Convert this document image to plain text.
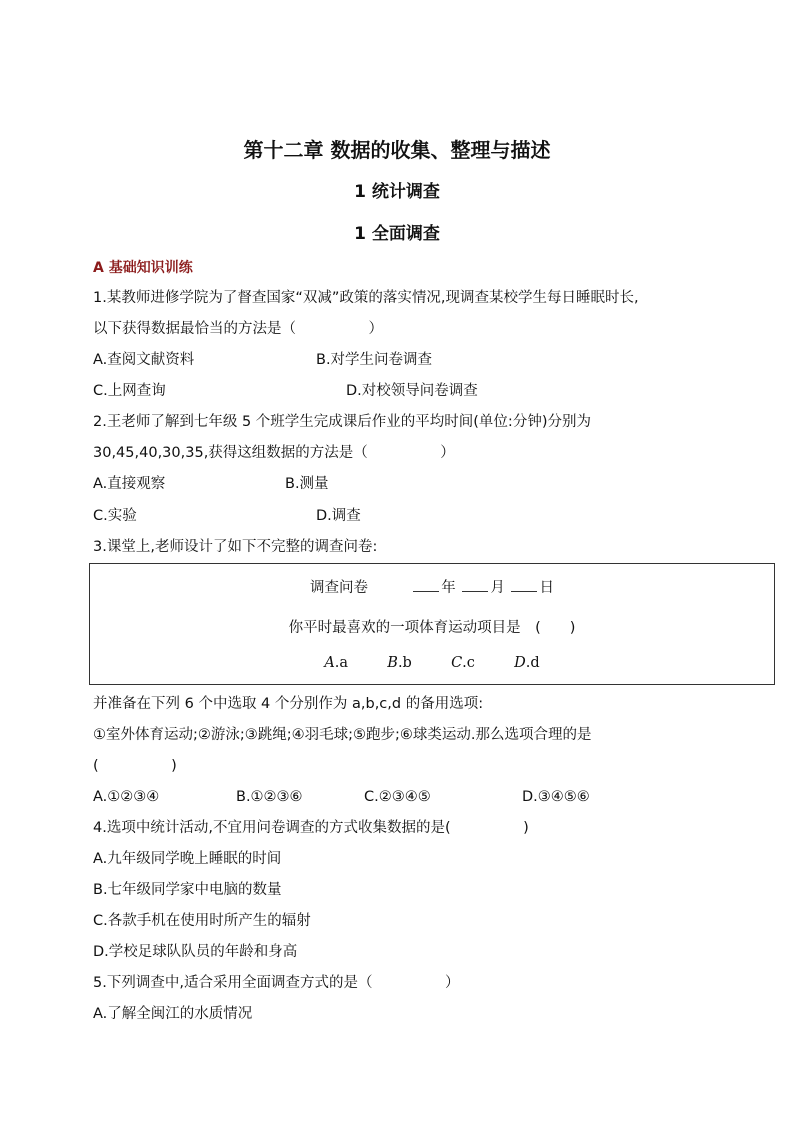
第十二章 数据的收集、整理与描述
1 统计调查
1 全面调查
A 基础知识训练
1.某教师进修学院为了督查国家“双减”政策的落实情况,现调查某校学生每日睡眠时长,
以下获得数据最恰当的方法是（　　　　　）
A.查阅文献资料	B.对学生问卷调查
C.上网查询	D.对校领导问卷调查
2.王老师了解到七年级 5 个班学生完成课后作业的平均时间(单位:分钟)分别为
30,45,40,30,35,获得这组数据的方法是（　　　　　）
A.直接观察	B.测量
C.实验	D.调查
3.课堂上,老师设计了如下不完整的调查问卷:
调查问卷	年 月 日
你平时最喜欢的一项体育运动项目是　(　　)
A.a	B.b	C.c	D.d
并准备在下列 6 个中选取 4 个分别作为 a,b,c,d 的备用选项:
①室外体育运动;②游泳;③跳绳;④羽毛球;⑤跑步;⑥球类运动.那么选项合理的是
(　　　　　)
A.①②③④	B.①②③⑥	C.②③④⑤	D.③④⑤⑥
4.选项中统计活动,不宜用问卷调查的方式收集数据的是(　　　　　)
A.九年级同学晚上睡眠的时间
B.七年级同学家中电脑的数量
C.各款手机在使用时所产生的辐射
D.学校足球队队员的年龄和身高
5.下列调查中,适合采用全面调查方式的是（　　　　　）
A.了解全闽江的水质情况
